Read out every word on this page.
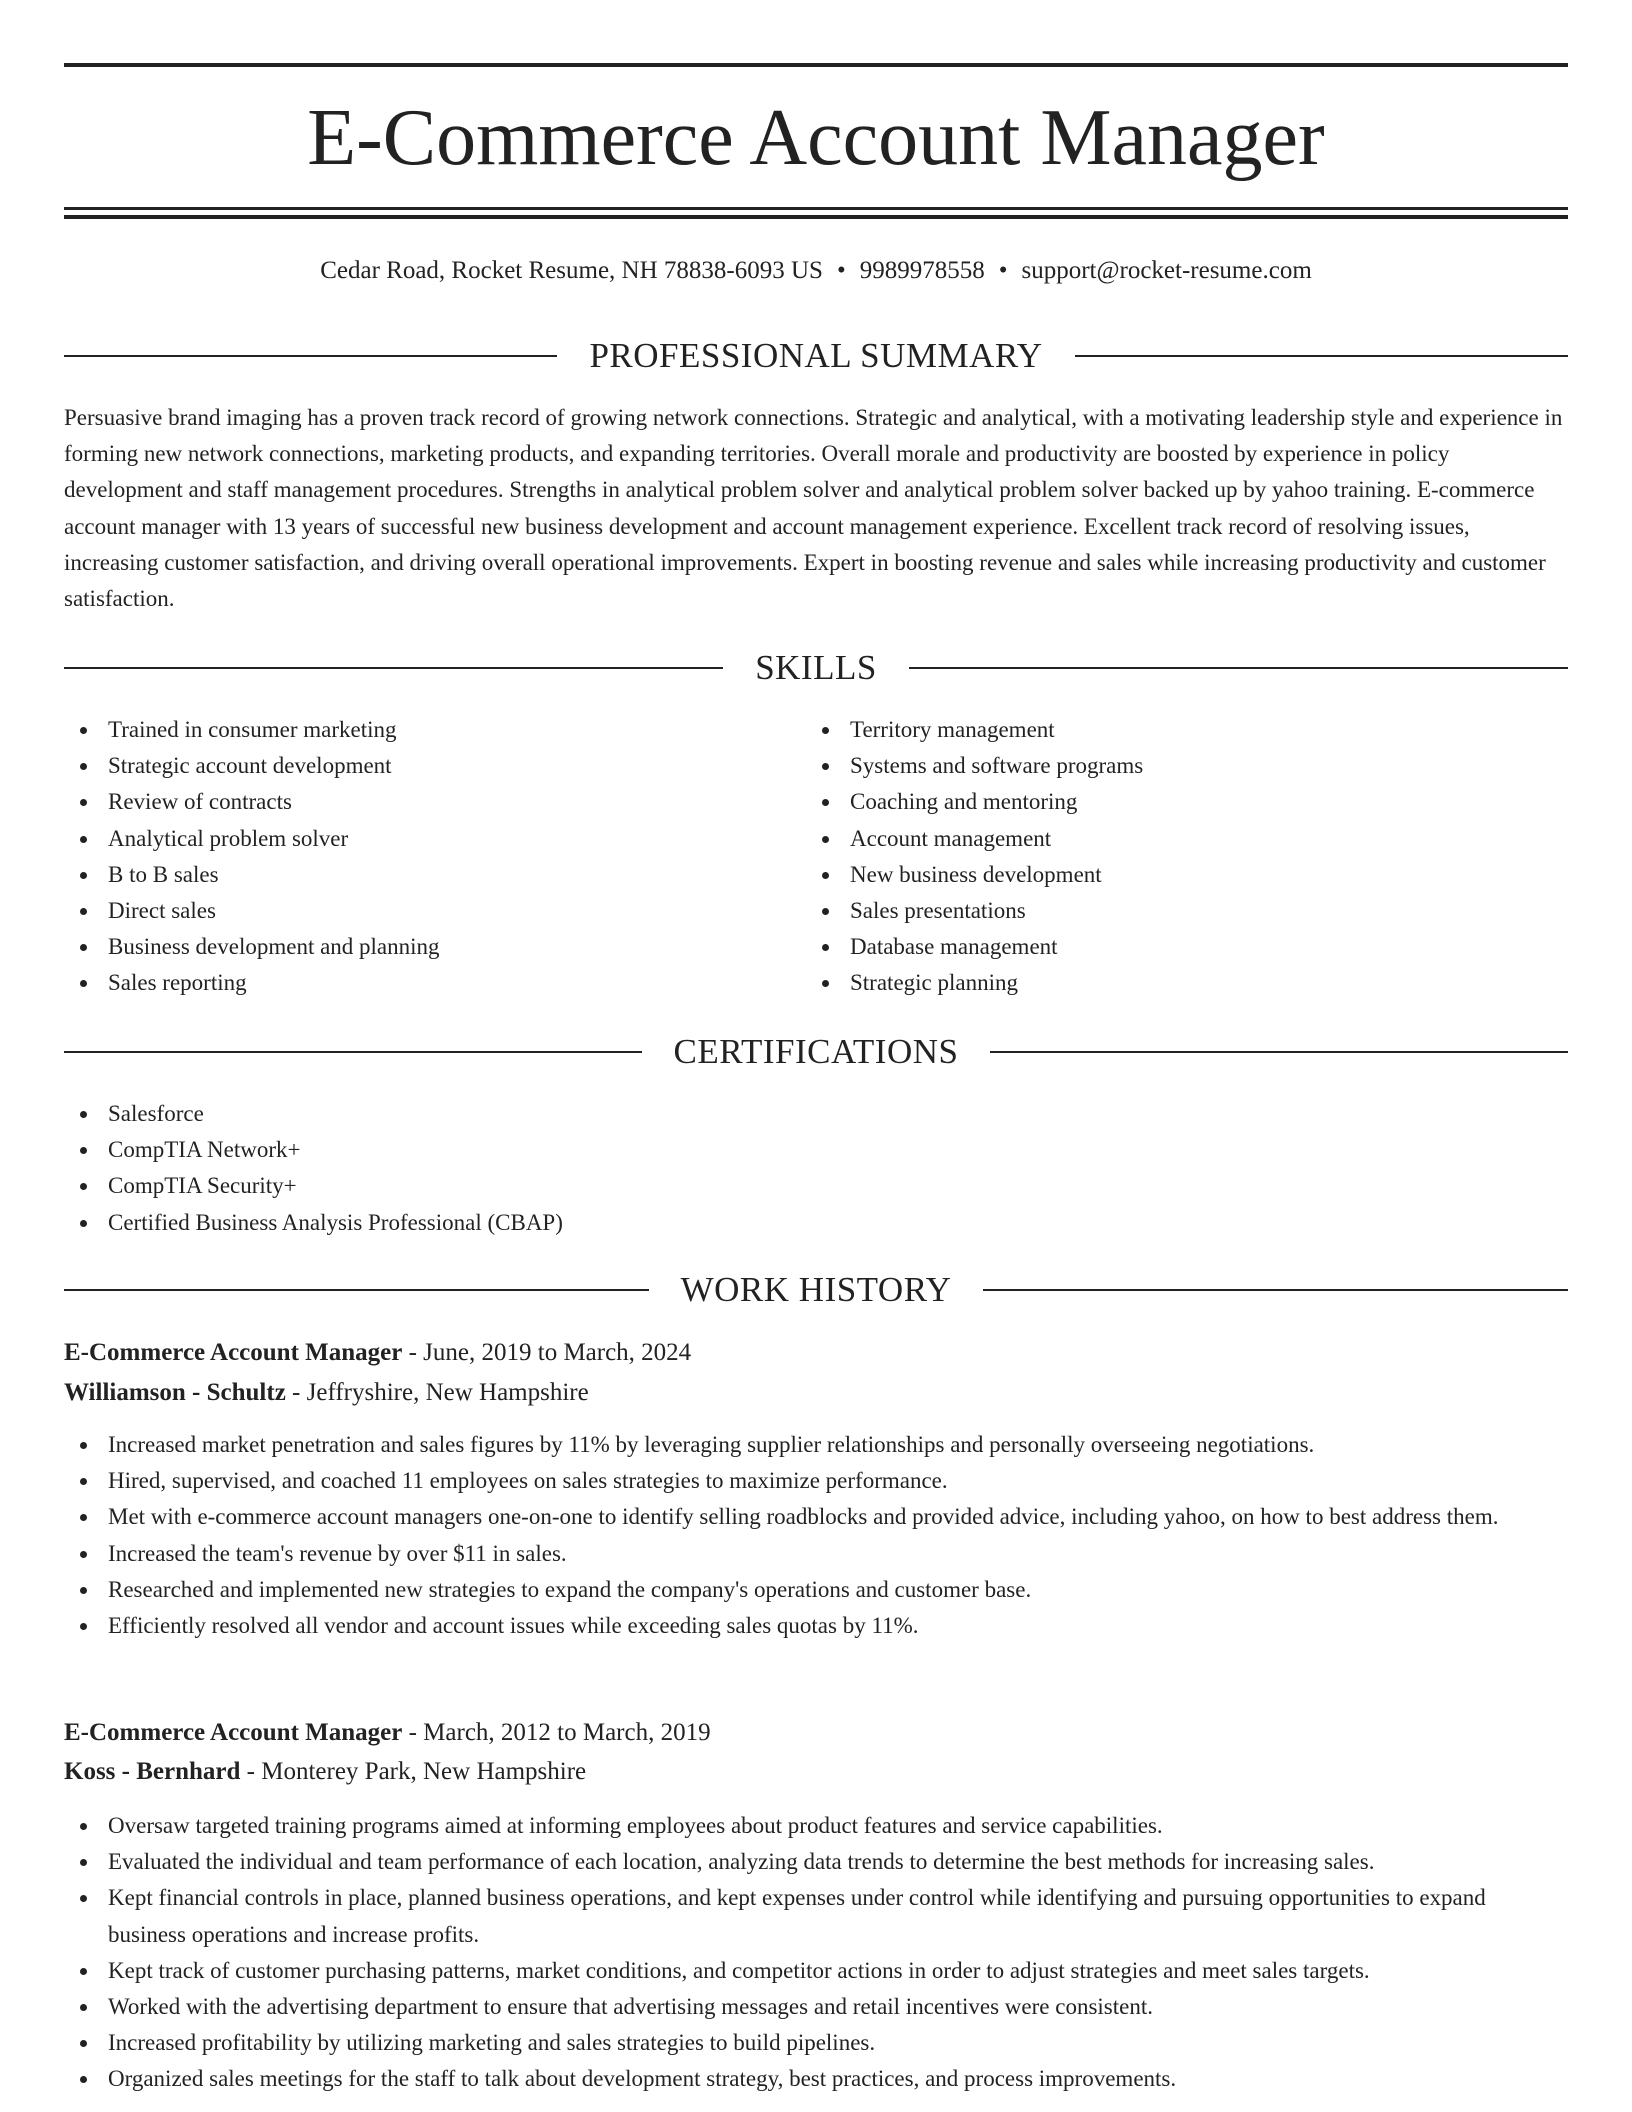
E-Commerce Account Manager
Cedar Road, Rocket Resume, NH 78838-6093 US • 9989978558 • support@rocket-resume.com
PROFESSIONAL SUMMARY

Persuasive brand imaging has a proven track record of growing network connections. Strategic and analytical, with a motivating leadership style and experience in forming new network connections, marketing products, and expanding territories. Overall morale and productivity are boosted by experience in policy development and staff management procedures. Strengths in analytical problem solver and analytical problem solver backed up by yahoo training. E-commerce account manager with 13 years of successful new business development and account management experience. Excellent track record of resolving issues, increasing customer satisfaction, and driving overall operational improvements. Expert in boosting revenue and sales while increasing productivity and customer satisfaction.

SKILLS
Trained in consumer marketing
Strategic account development
Review of contracts
Analytical problem solver
B to B sales
Direct sales
Business development and planning
Sales reporting
Territory management
Systems and software programs
Coaching and mentoring
Account management
New business development
Sales presentations
Database management
Strategic planning
CERTIFICATIONS
Salesforce
CompTIA Network+
CompTIA Security+
Certified Business Analysis Professional (CBAP)
WORK HISTORY
E-Commerce Account Manager - June, 2019 to March, 2024
Williamson - Schultz - Jeffryshire, New Hampshire
Increased market penetration and sales figures by 11% by leveraging supplier relationships and personally overseeing negotiations.
Hired, supervised, and coached 11 employees on sales strategies to maximize performance.
Met with e-commerce account managers one-on-one to identify selling roadblocks and provided advice, including yahoo, on how to best address them.
Increased the team's revenue by over $11 in sales.
Researched and implemented new strategies to expand the company's operations and customer base.
Efficiently resolved all vendor and account issues while exceeding sales quotas by 11%.
E-Commerce Account Manager - March, 2012 to March, 2019
Koss - Bernhard - Monterey Park, New Hampshire
Oversaw targeted training programs aimed at informing employees about product features and service capabilities.
Evaluated the individual and team performance of each location, analyzing data trends to determine the best methods for increasing sales.
Kept financial controls in place, planned business operations, and kept expenses under control while identifying and pursuing opportunities to expand business operations and increase profits.
Kept track of customer purchasing patterns, market conditions, and competitor actions in order to adjust strategies and meet sales targets.
Worked with the advertising department to ensure that advertising messages and retail incentives were consistent.
Increased profitability by utilizing marketing and sales strategies to build pipelines.
Organized sales meetings for the staff to talk about development strategy, best practices, and process improvements.
